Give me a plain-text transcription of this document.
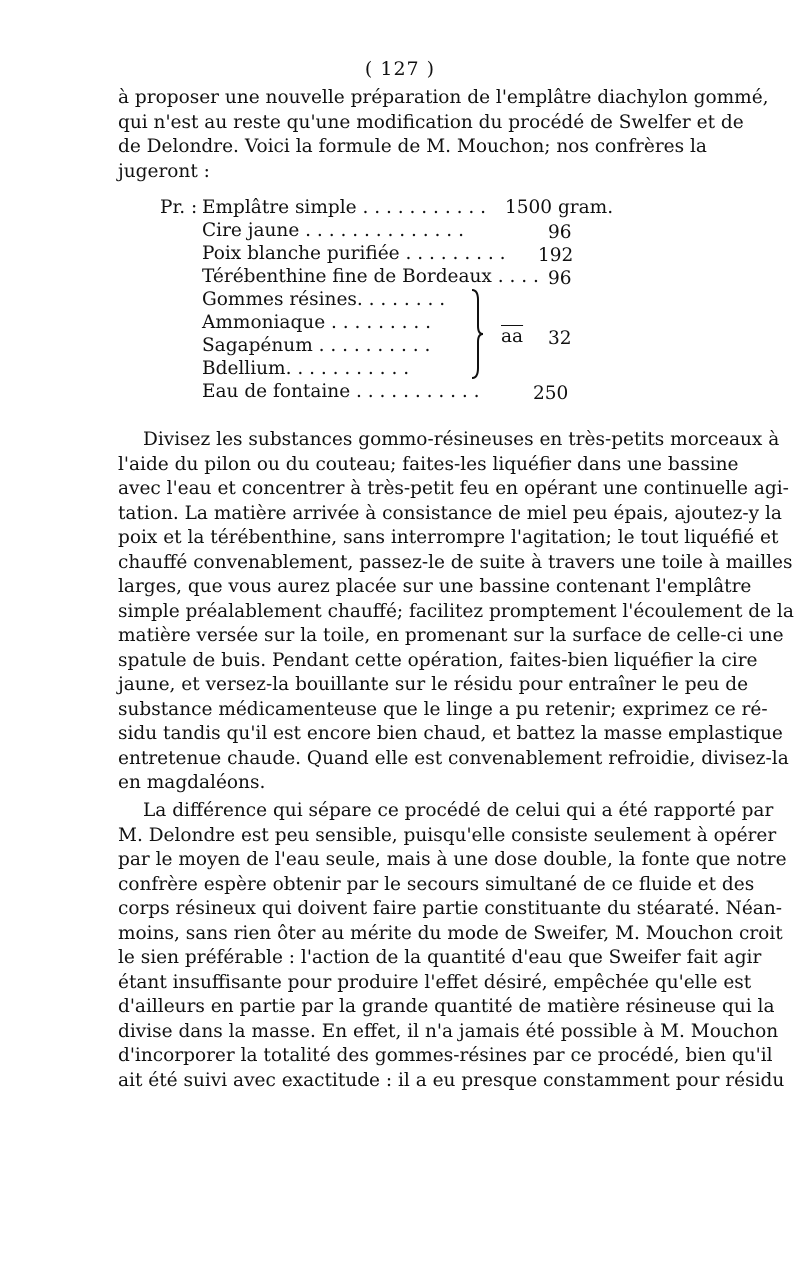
( 127 )

à proposer une nouvelle préparation de l'emplâtre diachylon gommé,
qui n'est au reste qu'une modification du procédé de Swelfer et de
de Delondre. Voici la formule de M. Mouchon; nos confrères la
jugeront :

Pr. : Emplâtre simple . . . . . . . . . . . 1500 gram.
Cire jaune . . . . . . . . . . . . . .	96
Poix blanche purifiée . . . . . . . . . 192
Térébenthine fine de Bordeaux . . . . 96
Gommes résines. . . . . . . .
Ammoniaque . . . . . . . . .
Sagapénum . . . . . . . . . .
Bdellium. . . . . . . . . . .
$\overline{aa}$ 32
Eau de fontaine . . . . . . . . . . .	250

Divisez les substances gommo-résineuses en très-petits morceaux à
l'aide du pilon ou du couteau; faites-les liquéfier dans une bassine
avec l'eau et concentrer à très-petit feu en opérant une continuelle agi-
tation. La matière arrivée à consistance de miel peu épais, ajoutez-y la
poix et la térébenthine, sans interrompre l'agitation; le tout liquéfié et
chauffé convenablement, passez-le de suite à travers une toile à mailles
larges, que vous aurez placée sur une bassine contenant l'emplâtre
simple préalablement chauffé; facilitez promptement l'écoulement de la
matière versée sur la toile, en promenant sur la surface de celle-ci une
spatule de buis. Pendant cette opération, faites-bien liquéfier la cire
jaune, et versez-la bouillante sur le résidu pour entraîner le peu de
substance médicamenteuse que le linge a pu retenir; exprimez ce ré-
sidu tandis qu'il est encore bien chaud, et battez la masse emplastique
entretenue chaude. Quand elle est convenablement refroidie, divisez-la
en magdaléons.

La différence qui sépare ce procédé de celui qui a été rapporté par
M. Delondre est peu sensible, puisqu'elle consiste seulement à opérer
par le moyen de l'eau seule, mais à une dose double, la fonte que notre
confrère espère obtenir par le secours simultané de ce fluide et des
corps résineux qui doivent faire partie constituante du stéaraté. Néan-
moins, sans rien ôter au mérite du mode de Sweifer, M. Mouchon croit
le sien préférable : l'action de la quantité d'eau que Sweifer fait agir
étant insuffisante pour produire l'effet désiré, empêchée qu'elle est
d'ailleurs en partie par la grande quantité de matière résineuse qui la
divise dans la masse. En effet, il n'a jamais été possible à M. Mouchon
d'incorporer la totalité des gommes-résines par ce procédé, bien qu'il
ait été suivi avec exactitude : il a eu presque constamment pour résidu
